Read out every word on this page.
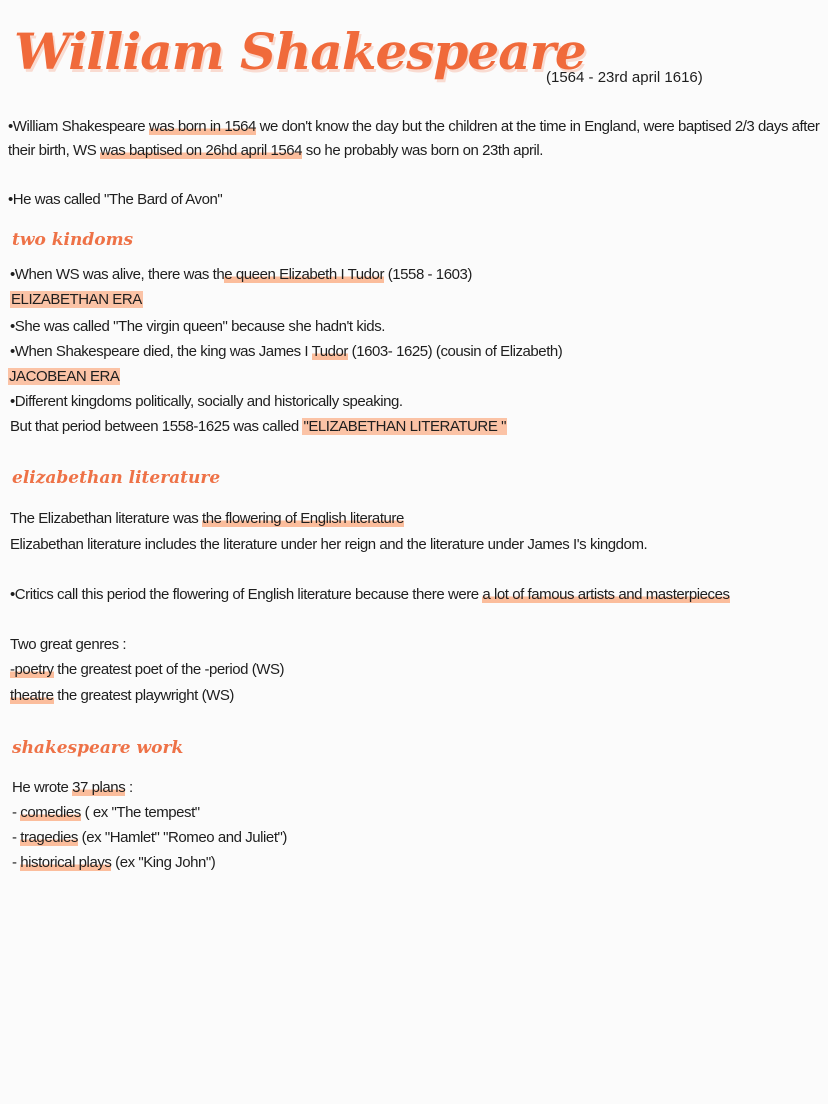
William Shakespeare
(1564 - 23rd april 1616)
•William Shakespeare was born in 1564 we don't know the day but the children at the time in England, were baptised 2/3 days after
their birth, WS was baptised on 26hd april 1564 so he probably was born on 23th april.
•He was called "The Bard of Avon"
two kindoms
•When WS was alive, there was the queen Elizabeth I Tudor (1558 - 1603)
ELIZABETHAN ERA
•She was called "The virgin queen" because she hadn't kids.
•When Shakespeare died, the king was James I Tudor (1603- 1625) (cousin of Elizabeth)
JACOBEAN ERA
•Different kingdoms politically, socially and historically speaking.
But that period between 1558-1625 was called "ELIZABETHAN LITERATURE "
elizabethan literature
The Elizabethan literature was the flowering of English literature
Elizabethan literature includes the literature under her reign and the literature under James I's kingdom.
•Critics call this period the flowering of English literature because there were a lot of famous artists and masterpieces
Two great genres :
-poetry the greatest poet of the -period (WS)
theatre the greatest playwright (WS)
shakespeare work
He wrote 37 plans :
- comedies ( ex "The tempest"
- tragedies (ex "Hamlet" "Romeo and Juliet")
- historical plays (ex "King John")
